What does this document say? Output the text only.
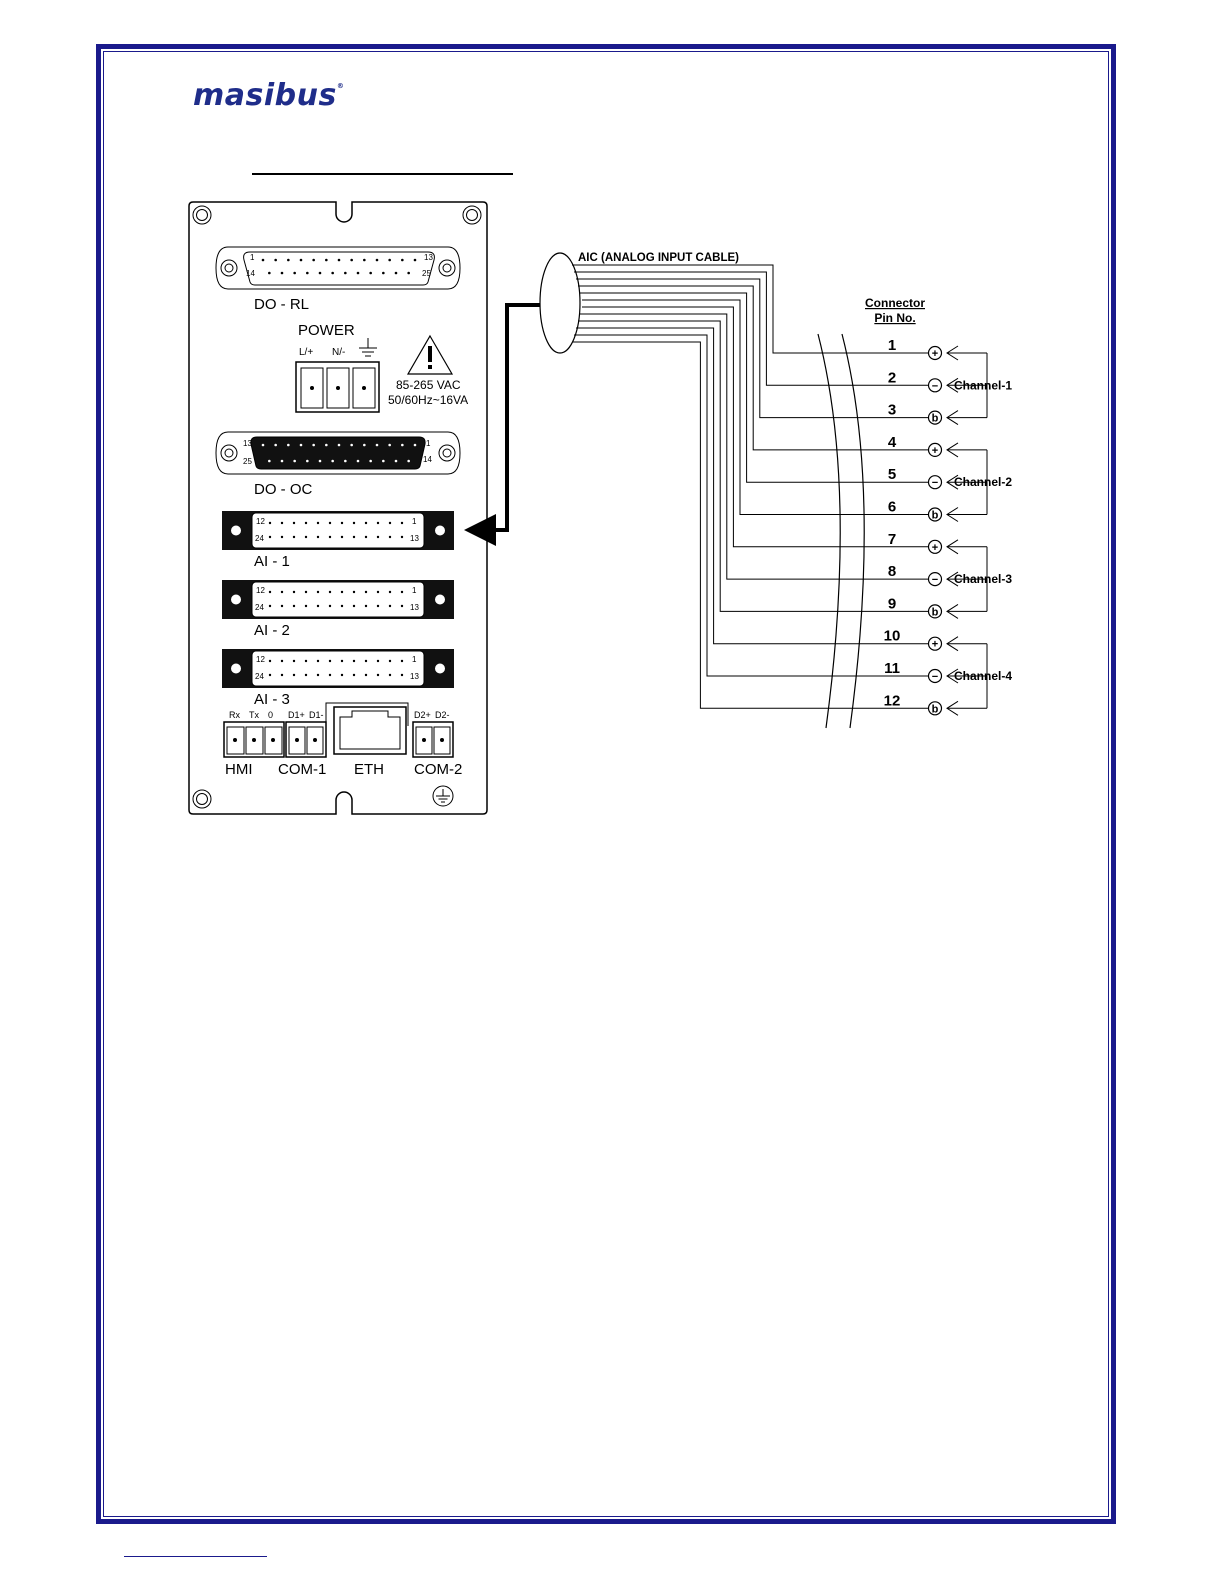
masibus®
1	13
14	25
DO - RL
POWER
L/+ N/-
85-265 VAC
50/60Hz~16VA
13	1
25	14
DO - OC
12	1
24	13
AI - 1
12	1
24	13
AI - 2
12	1
24	13
AI - 3
Rx Tx 0 D1+ D1-	D2+ D2-
HMI COM-1 ETH COM-2
AIC (ANALOG INPUT CABLE)
Connector
Pin No.
1	+
2	−
3	b
4	+
5	−
6	b
7	+
8	−
9	b
10	+
11	−
12	b
Channel-1
Channel-2
Channel-3
Channel-4
